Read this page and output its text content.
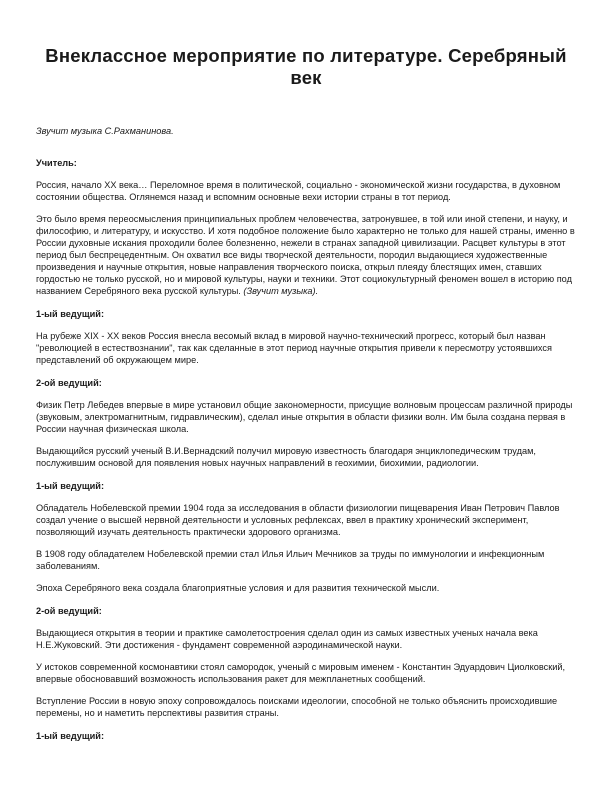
Внеклассное мероприятие по литературе. Серебряный век
Звучит музыка С.Рахманинова.
Учитель:

Россия, начало XX века… Переломное время в политической, социально - экономической жизни государства, в духовном состоянии общества. Оглянемся назад и вспомним основные вехи истории страны в тот период.

Это было время переосмысления принципиальных проблем человечества, затронувшее, в той или иной степени, и науку, и философию, и литературу, и искусство. И хотя подобное положение было характерно не только для нашей страны, именно в России духовные искания проходили более болезненно, нежели в странах западной цивилизации. Расцвет культуры в этот период был беспрецедентным. Он охватил все виды творческой деятельности, породил выдающиеся художественные произведения и научные открытия, новые направления творческого поиска, открыл плеяду блестящих имен, ставших гордостью не только русской, но и мировой культуры, науки и техники. Этот социокультурный феномен вошел в историю под названием Серебряного века русской культуры. (Звучит музыка).

1-ый ведущий:

На рубеже XIX - XX веков Россия внесла весомый вклад в мировой научно-технический прогресс, который был назван "революцией в естествознании", так как сделанные в этот период научные открытия привели к пересмотру устоявшихся представлений об окружающем мире.

2-ой ведущий:

Физик Петр Лебедев впервые в мире установил общие закономерности, присущие волновым процессам различной природы (звуковым, электромагнитным, гидравлическим), сделал иные открытия в области физики волн. Им была создана первая в России научная физическая школа.

Выдающийся русский ученый В.И.Вернадский получил мировую известность благодаря энциклопедическим трудам, послужившим основой для появления новых научных направлений в геохимии, биохимии, радиологии.

1-ый ведущий:

Обладатель Нобелевской премии 1904 года за исследования в области физиологии пищеварения Иван Петрович Павлов создал учение о высшей нервной деятельности и условных рефлексах, ввел в практику хронический эксперимент, позволяющий изучать деятельность практически здорового организма.

В 1908 году обладателем Нобелевской премии стал Илья Ильич Мечников за труды по иммунологии и инфекционным заболеваниям.

Эпоха Серебряного века создала благоприятные условия и для развития технической мысли.

2-ой ведущий:

Выдающиеся открытия в теории и практике самолетостроения сделал один из самых известных ученых начала века Н.Е.Жуковский. Эти достижения - фундамент современной аэродинамической науки.

У истоков современной космонавтики стоял самородок, ученый с мировым именем - Константин Эдуардович Циолковский, впервые обосновавший возможность использования ракет для межпланетных сообщений.

Вступление России в новую эпоху сопровождалось поисками идеологии, способной не только объяснить происходившие перемены, но и наметить перспективы развития страны.

1-ый ведущий:
